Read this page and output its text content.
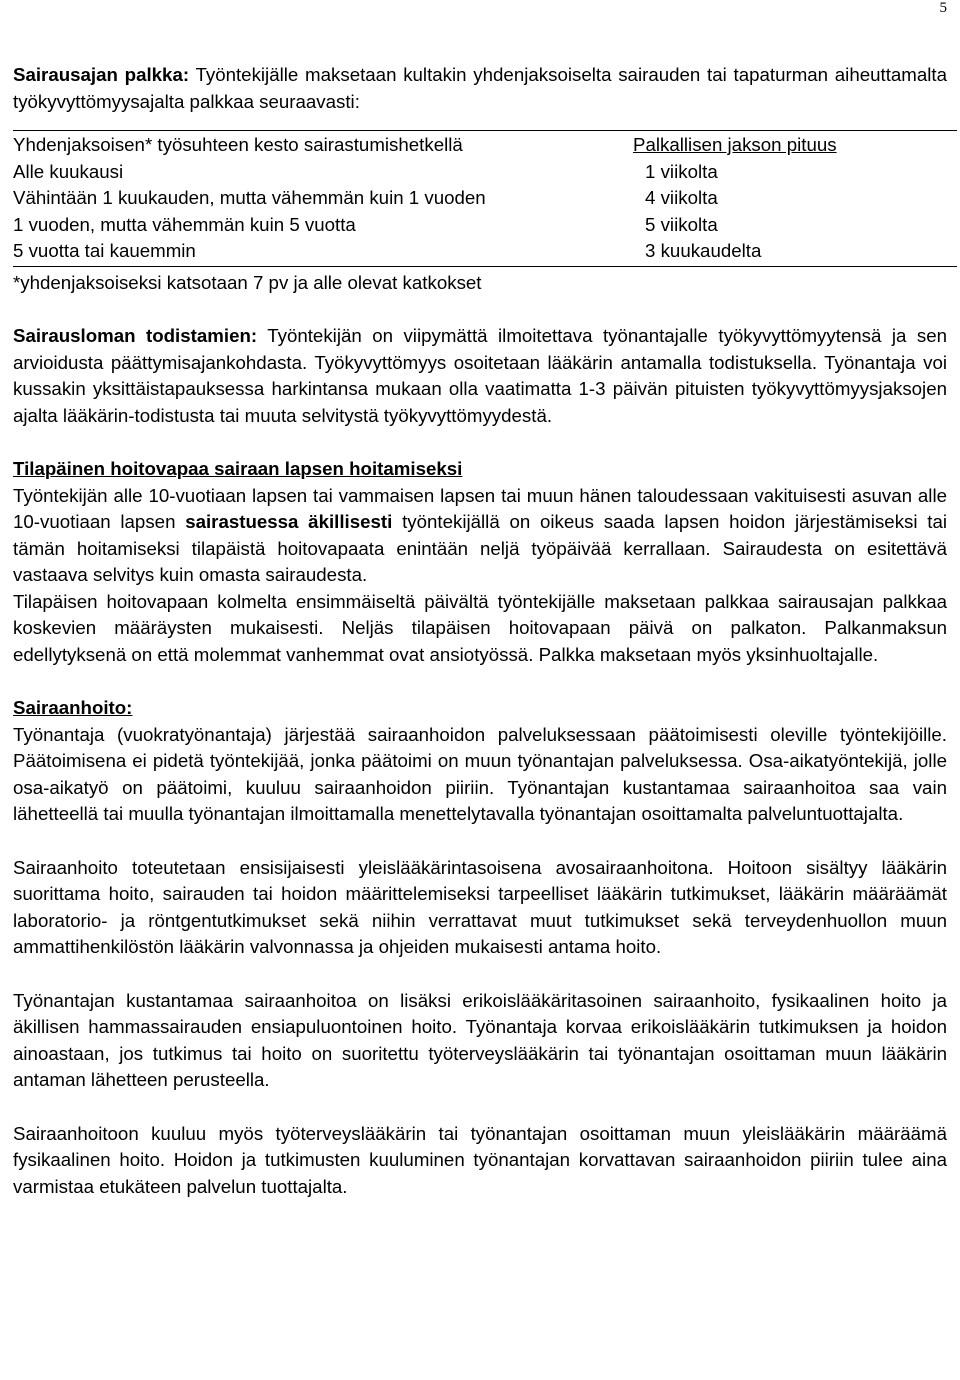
5

Sairausajan palkka: Työntekijälle maksetaan kultakin yhdenjaksoiselta sairauden tai tapaturman aiheuttamalta työkyvyttömyysajalta palkkaa seuraavasti:

Yhdenjaksoisen* työsuhteen kesto sairastumishetkellä	Palkallisen jakson pituus
Alle kuukausi	1 viikolta
Vähintään 1 kuukauden, mutta vähemmän kuin 1 vuoden	4 viikolta
1 vuoden, mutta vähemmän kuin 5 vuotta	5 viikolta
5 vuotta tai kauemmin	3 kuukaudelta
*yhdenjaksoiseksi katsotaan 7 pv ja alle olevat katkokset

Sairausloman todistamien: Työntekijän on viipymättä ilmoitettava työnantajalle työkyvyttömyytensä ja sen arvioidusta päättymisajankohdasta. Työkyvyttömyys osoitetaan lääkärin antamalla todistuksella. Työnantaja voi kussakin yksittäistapauksessa harkintansa mukaan olla vaatimatta 1-3 päivän pituisten työkyvyttömyysjaksojen ajalta lääkärin-todistusta tai muuta selvitystä työkyvyttömyydestä.

Tilapäinen hoitovapaa sairaan lapsen hoitamiseksi

Työntekijän alle 10-vuotiaan lapsen tai vammaisen lapsen tai muun hänen taloudessaan vakituisesti asuvan alle 10-vuotiaan lapsen sairastuessa äkillisesti työntekijällä on oikeus saada lapsen hoidon järjestämiseksi tai tämän hoitamiseksi tilapäistä hoitovapaata enintään neljä työpäivää kerrallaan. Sairaudesta on esitettävä vastaava selvitys kuin omasta sairaudesta.

Tilapäisen hoitovapaan kolmelta ensimmäiseltä päivältä työntekijälle maksetaan palkkaa sairausajan palkkaa koskevien määräysten mukaisesti. Neljäs tilapäisen hoitovapaan päivä on palkaton. Palkanmaksun edellytyksenä on että molemmat vanhemmat ovat ansiotyössä. Palkka maksetaan myös yksinhuoltajalle.

Sairaanhoito:

Työnantaja (vuokratyönantaja) järjestää sairaanhoidon palveluksessaan päätoimisesti oleville työntekijöille. Päätoimisena ei pidetä työntekijää, jonka päätoimi on muun työnantajan palveluksessa. Osa-aikatyöntekijä, jolle osa-aikatyö on päätoimi, kuuluu sairaanhoidon piiriin. Työnantajan kustantamaa sairaanhoitoa saa vain lähetteellä tai muulla työnantajan ilmoittamalla menettelytavalla työnantajan osoittamalta palveluntuottajalta.

Sairaanhoito toteutetaan ensisijaisesti yleislääkärintasoisena avosairaanhoitona. Hoitoon sisältyy lääkärin suorittama hoito, sairauden tai hoidon määrittelemiseksi tarpeelliset lääkärin tutkimukset, lääkärin määräämät laboratorio- ja röntgentutkimukset sekä niihin verrattavat muut tutkimukset sekä terveydenhuollon muun ammattihenkilöstön lääkärin valvonnassa ja ohjeiden mukaisesti antama hoito.

Työnantajan kustantamaa sairaanhoitoa on lisäksi erikoislääkäritasoinen sairaanhoito, fysikaalinen hoito ja äkillisen hammassairauden ensiapuluontoinen hoito. Työnantaja korvaa erikoislääkärin tutkimuksen ja hoidon ainoastaan, jos tutkimus tai hoito on suoritettu työterveyslääkärin tai työnantajan osoittaman muun lääkärin antaman lähetteen perusteella.

Sairaanhoitoon kuuluu myös työterveyslääkärin tai työnantajan osoittaman muun yleislääkärin määräämä fysikaalinen hoito. Hoidon ja tutkimusten kuuluminen työnantajan korvattavan sairaanhoidon piiriin tulee aina varmistaa etukäteen palvelun tuottajalta.
